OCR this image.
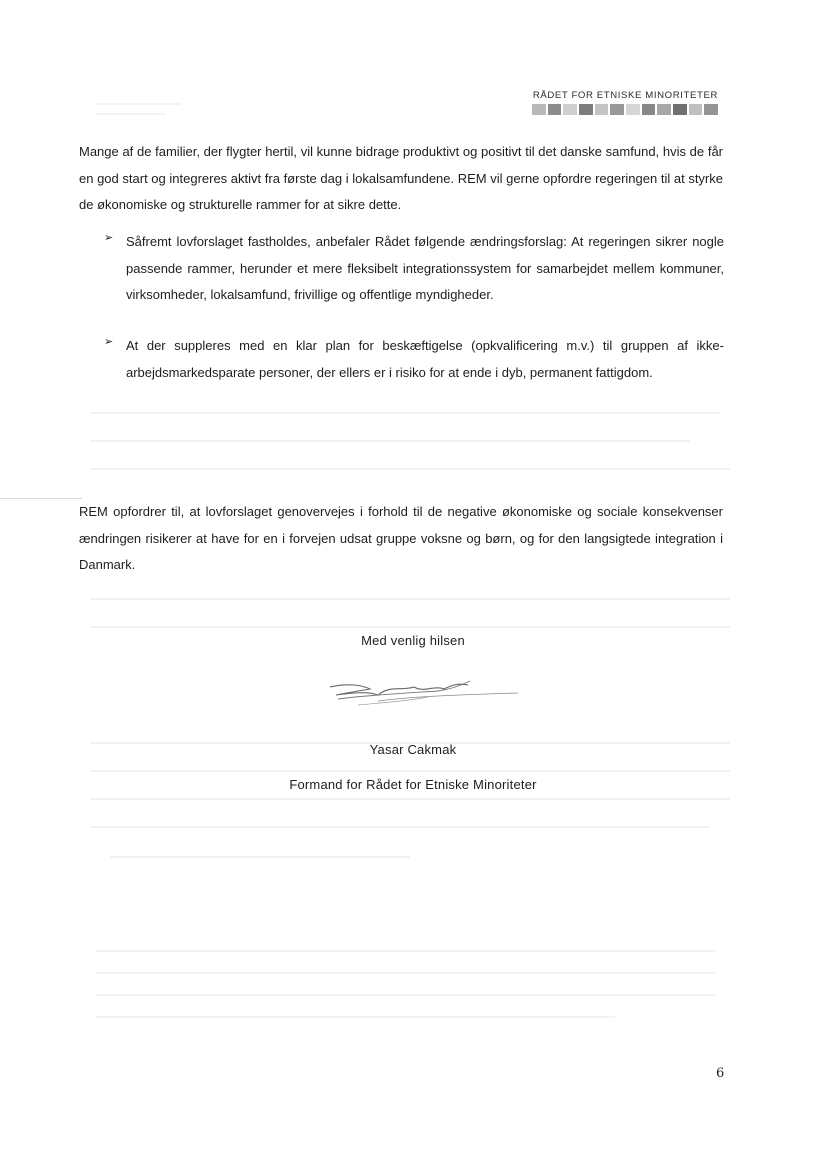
RÅDET FOR ETNISKE MINORITETER

Mange af de familier, der flygter hertil, vil kunne bidrage produktivt og positivt til det danske samfund, hvis de får en god start og integreres aktivt fra første dag i lokalsamfundene. REM vil gerne opfordre regeringen til at styrke de økonomiske og strukturelle rammer for at sikre dette.

➢ Såfremt lovforslaget fastholdes, anbefaler Rådet følgende ændringsforslag: At regeringen sikrer nogle passende rammer, herunder et mere fleksibelt integrationssystem for samarbejdet mellem kommuner, virksomheder, lokalsamfund, frivillige og offentlige myndigheder.
➢ At der suppleres med en klar plan for beskæftigelse (opkvalificering m.v.) til gruppen af ikke-arbejdsmarkedsparate personer, der ellers er i risiko for at ende i dyb, permanent fattigdom.

REM opfordrer til, at lovforslaget genovervejes i forhold til de negative økonomiske og sociale konsekvenser ændringen risikerer at have for en i forvejen udsat gruppe voksne og børn, og for den langsigtede integration i Danmark.

Med venlig hilsen
Yasar Cakmak
Formand for Rådet for Etniske Minoriteter
6
